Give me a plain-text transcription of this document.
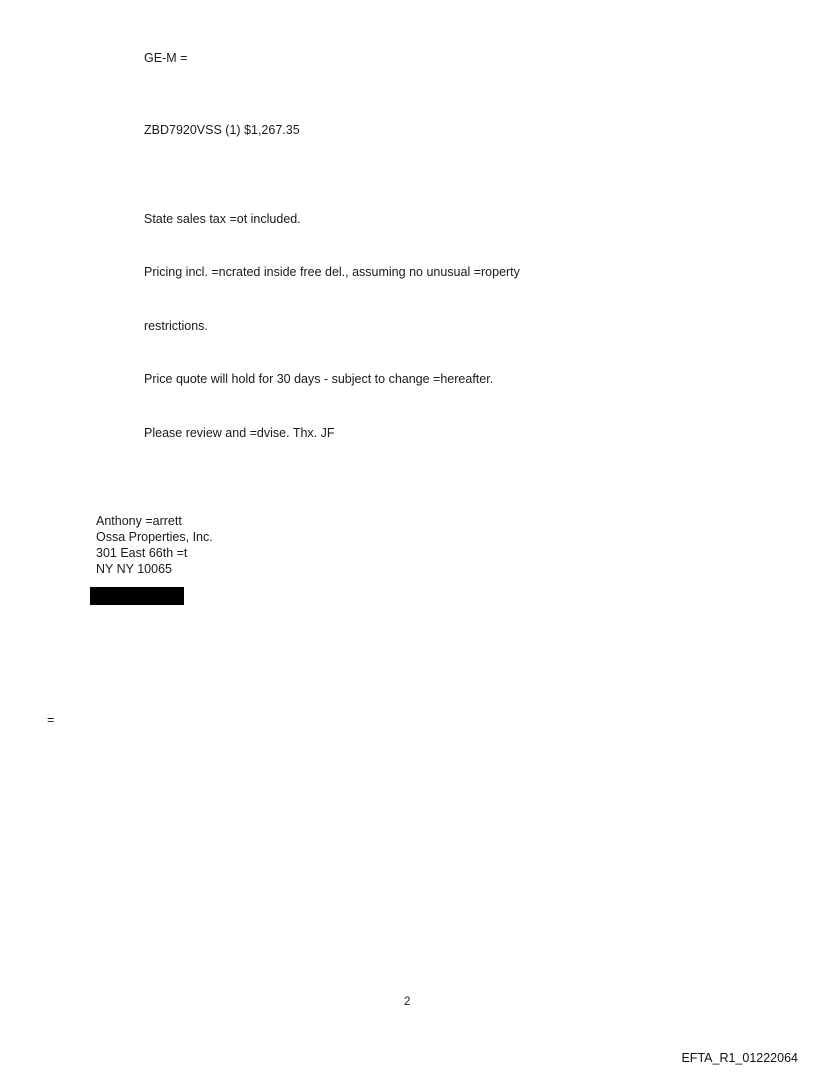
GE-M =
ZBD7920VSS (1) $1,267.35
State sales tax =ot included.
Pricing incl. =ncrated inside free del., assuming no unusual =roperty
restrictions.
Price quote will hold for 30 days - subject to change =hereafter.
Please review and =dvise. Thx. JF
Anthony =arrett
Ossa Properties, Inc.
301 East 66th =t
NY NY 10065
=
2
EFTA_R1_01222064
